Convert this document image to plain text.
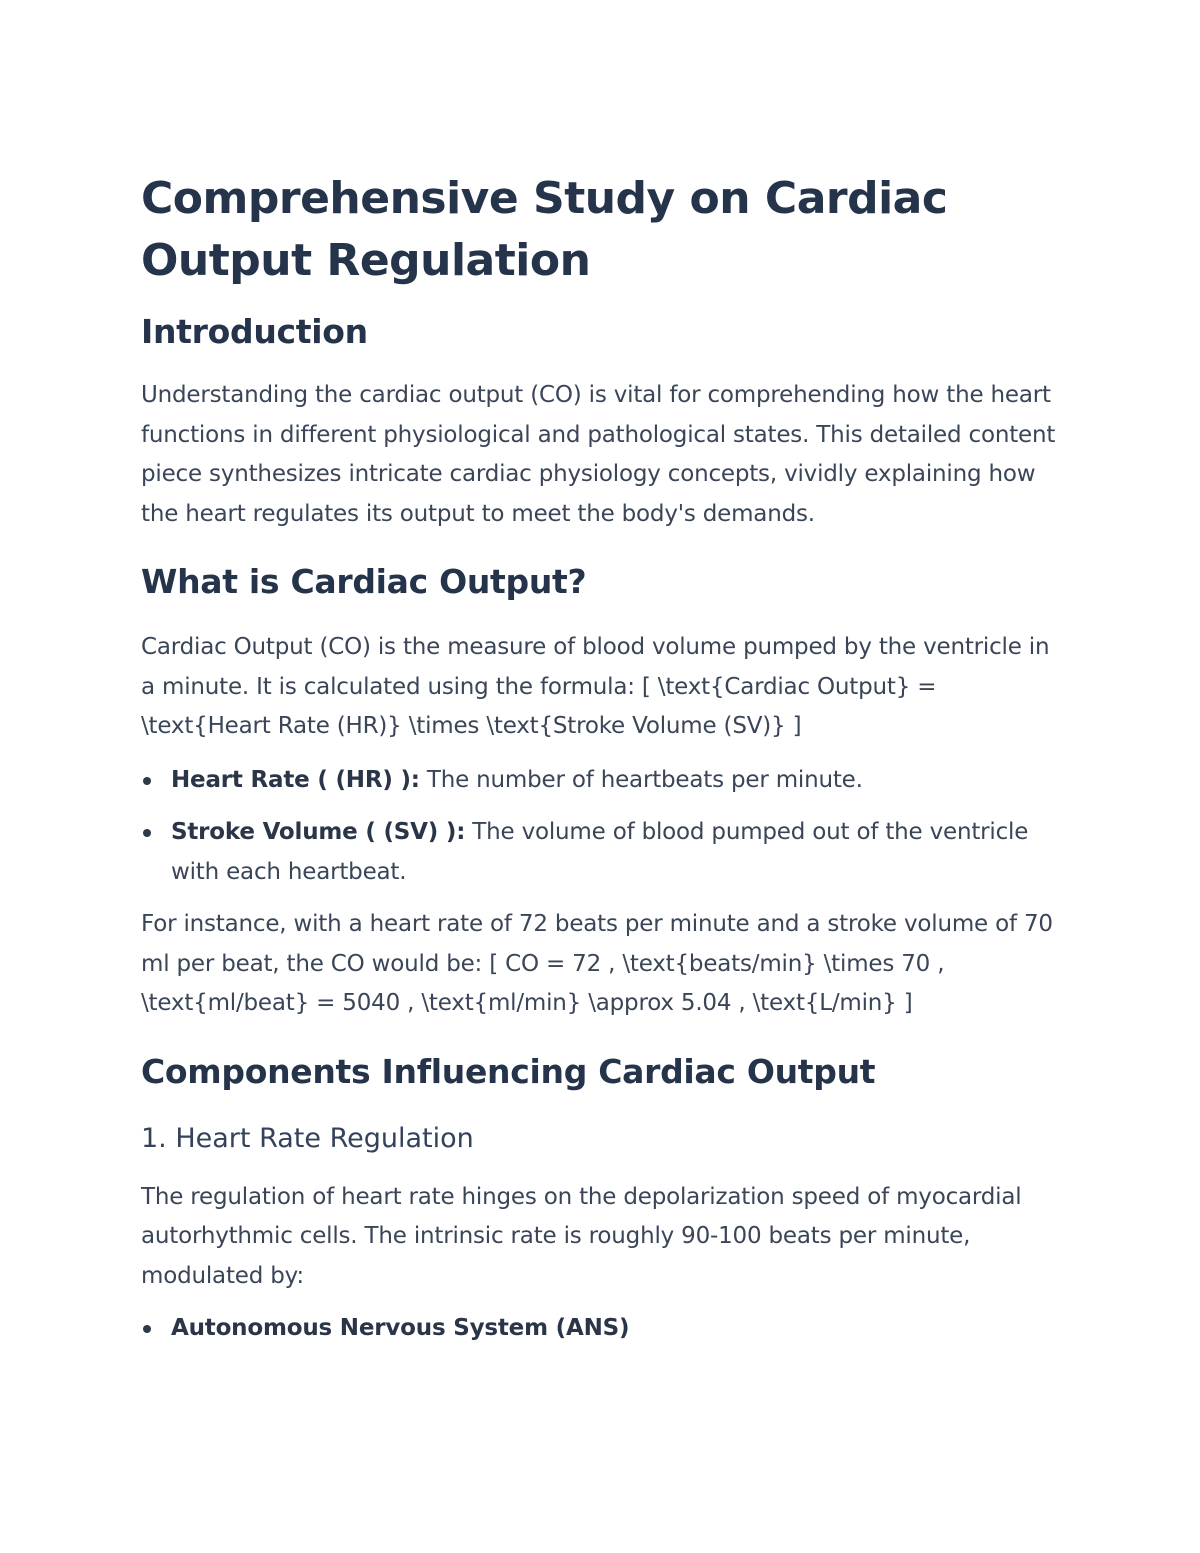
Comprehensive Study on Cardiac Output Regulation
Introduction

Understanding the cardiac output (CO) is vital for comprehending how the heart functions in different physiological and pathological states. This detailed content piece synthesizes intricate cardiac physiology concepts, vividly explaining how the heart regulates its output to meet the body's demands.

What is Cardiac Output?

Cardiac Output (CO) is the measure of blood volume pumped by the ventricle in a minute. It is calculated using the formula: [ \text{Cardiac Output} = \text{Heart Rate (HR)} \times \text{Stroke Volume (SV)} ]

Heart Rate ( (HR) ): The number of heartbeats per minute.
Stroke Volume ( (SV) ): The volume of blood pumped out of the ventricle with each heartbeat.

For instance, with a heart rate of 72 beats per minute and a stroke volume of 70 ml per beat, the CO would be: [ CO = 72 , \text{beats/min} \times 70 , \text{ml/beat} = 5040 , \text{ml/min} \approx 5.04 , \text{L/min} ]

Components Influencing Cardiac Output
1. Heart Rate Regulation

The regulation of heart rate hinges on the depolarization speed of myocardial autorhythmic cells. The intrinsic rate is roughly 90-100 beats per minute, modulated by:

Autonomous Nervous System (ANS)
